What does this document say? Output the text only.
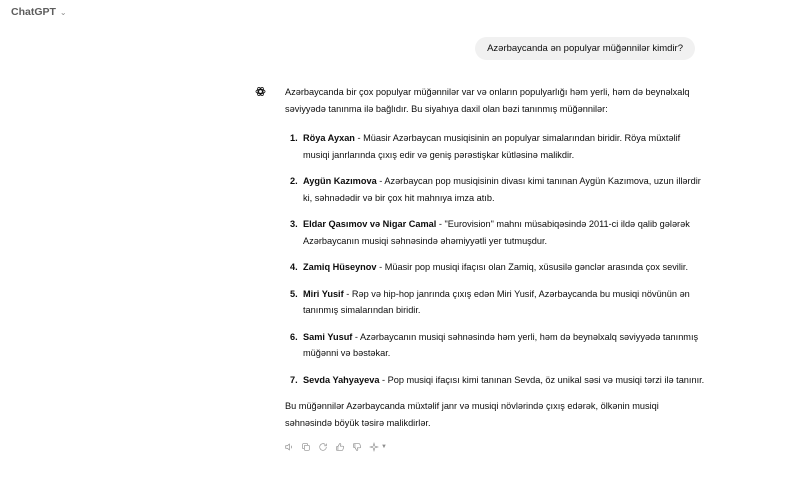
ChatGPT ⌄
Azərbaycanda ən populyar müğənnilər kimdir?

Azərbaycanda bir çox populyar müğənnilər var və onların populyarlığı həm yerli, həm də beynəlxalq səviyyədə tanınma ilə bağlıdır. Bu siyahıya daxil olan bəzi tanınmış müğənnilər:

1. Röya Ayxan - Müasir Azərbaycan musiqisinin ən populyar simalarından biridir. Röya müxtəlif musiqi janrlarında çıxış edir və geniş pərəstişkar kütləsinə malikdir.
2. Aygün Kazımova - Azərbaycan pop musiqisinin divası kimi tanınan Aygün Kazımova, uzun illərdir ki, səhnədədir və bir çox hit mahnıya imza atıb.
3. Eldar Qasımov və Nigar Camal - "Eurovision" mahnı müsabiqəsində 2011-ci ildə qalib gələrək Azərbaycanın musiqi səhnəsində əhəmiyyətli yer tutmuşdur.
4. Zamiq Hüseynov - Müasir pop musiqi ifaçısı olan Zamiq, xüsusilə gənclər arasında çox sevilir.
5. Miri Yusif - Rəp və hip-hop janrında çıxış edən Miri Yusif, Azərbaycanda bu musiqi növünün ən tanınmış simalarından biridir.
6. Sami Yusuf - Azərbaycanın musiqi səhnəsində həm yerli, həm də beynəlxalq səviyyədə tanınmış müğənni və bəstəkar.
7. Sevda Yahyayeva - Pop musiqi ifaçısı kimi tanınan Sevda, öz unikal səsi və musiqi tərzi ilə tanınır.

Bu müğənnilər Azərbaycanda müxtəlif janr və musiqi növlərində çıxış edərək, ölkənin musiqi səhnəsində böyük təsirə malikdirlər.

▼
